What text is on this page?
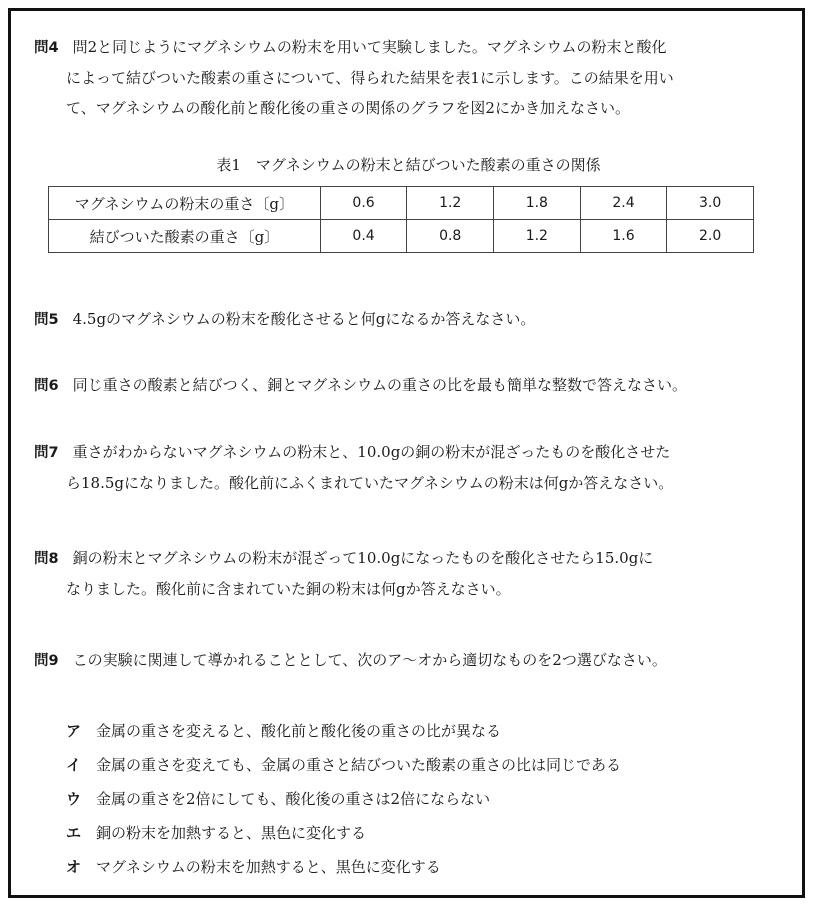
問4 問2と同じようにマグネシウムの粉末を用いて実験しました。マグネシウムの粉末と酸化
によって結びついた酸素の重さについて、得られた結果を表1に示します。この結果を用い
て、マグネシウムの酸化前と酸化後の重さの関係のグラフを図2にかき加えなさい。
表1　マグネシウムの粉末と結びついた酸素の重さの関係
マグネシウムの粉末の重さ〔g〕	0.6	1.2	1.8	2.4	3.0
結びついた酸素の重さ〔g〕	0.4	0.8	1.2	1.6	2.0
問5 4.5gのマグネシウムの粉末を酸化させると何gになるか答えなさい。
問6 同じ重さの酸素と結びつく、銅とマグネシウムの重さの比を最も簡単な整数で答えなさい。
問7 重さがわからないマグネシウムの粉末と、10.0gの銅の粉末が混ざったものを酸化させた
ら18.5gになりました。酸化前にふくまれていたマグネシウムの粉末は何gか答えなさい。
問8 銅の粉末とマグネシウムの粉末が混ざって10.0gになったものを酸化させたら15.0gに
なりました。酸化前に含まれていた銅の粉末は何gか答えなさい。
問9 この実験に関連して導かれることとして、次のア～オから適切なものを2つ選びなさい。
ア 金属の重さを変えると、酸化前と酸化後の重さの比が異なる
イ 金属の重さを変えても、金属の重さと結びついた酸素の重さの比は同じである
ウ 金属の重さを2倍にしても、酸化後の重さは2倍にならない
エ 銅の粉末を加熱すると、黒色に変化する
オ マグネシウムの粉末を加熱すると、黒色に変化する
